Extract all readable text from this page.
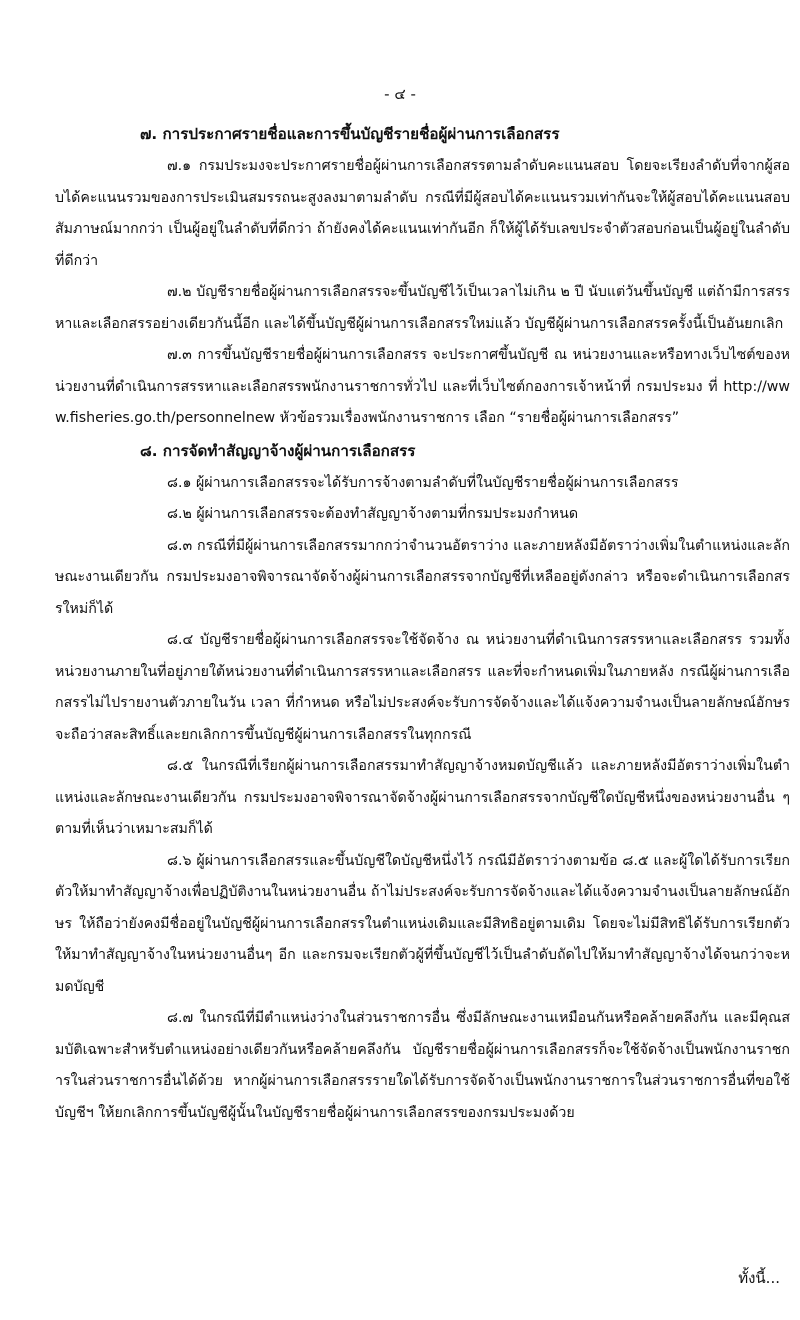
- ๔ -

๗. การประกาศรายชื่อและการขึ้นบัญชีรายชื่อผู้ผ่านการเลือกสรร

๗.๑ กรมประมงจะประกาศรายชื่อผู้ผ่านการเลือกสรรตามลำดับคะแนนสอบ โดยจะเรียงลำดับที่จากผู้สอบได้คะแนนรวมของการประเมินสมรรถนะสูงลงมาตามลำดับ กรณีที่มีผู้สอบได้คะแนนรวมเท่ากันจะให้ผู้สอบได้คะแนนสอบสัมภาษณ์มากกว่า เป็นผู้อยู่ในลำดับที่ดีกว่า ถ้ายังคงได้คะแนนเท่ากันอีก ก็ให้ผู้ได้รับเลขประจำตัวสอบก่อนเป็นผู้อยู่ในลำดับที่ดีกว่า

๗.๒ บัญชีรายชื่อผู้ผ่านการเลือกสรรจะขึ้นบัญชีไว้เป็นเวลาไม่เกิน ๒ ปี นับแต่วันขึ้นบัญชี แต่ถ้ามีการสรรหาและเลือกสรรอย่างเดียวกันนี้อีก และได้ขึ้นบัญชีผู้ผ่านการเลือกสรรใหม่แล้ว บัญชีผู้ผ่านการเลือกสรรครั้งนี้เป็นอันยกเลิก

๗.๓ การขึ้นบัญชีรายชื่อผู้ผ่านการเลือกสรร จะประกาศขึ้นบัญชี ณ หน่วยงานและหรือทางเว็บไซต์ของหน่วยงานที่ดำเนินการสรรหาและเลือกสรรพนักงานราชการทั่วไป และที่เว็บไซต์กองการเจ้าหน้าที่ กรมประมง ที่ http://www.fisheries.go.th/personnelnew หัวข้อรวมเรื่องพนักงานราชการ เลือก “รายชื่อผู้ผ่านการเลือกสรร”

๘. การจัดทำสัญญาจ้างผู้ผ่านการเลือกสรร

๘.๑ ผู้ผ่านการเลือกสรรจะได้รับการจ้างตามลำดับที่ในบัญชีรายชื่อผู้ผ่านการเลือกสรร

๘.๒ ผู้ผ่านการเลือกสรรจะต้องทำสัญญาจ้างตามที่กรมประมงกำหนด

๘.๓ กรณีที่มีผู้ผ่านการเลือกสรรมากกว่าจำนวนอัตราว่าง และภายหลังมีอัตราว่างเพิ่มในตำแหน่งและลักษณะงานเดียวกัน กรมประมงอาจพิจารณาจัดจ้างผู้ผ่านการเลือกสรรจากบัญชีที่เหลืออยู่ดังกล่าว หรือจะดำเนินการเลือกสรรใหม่ก็ได้

๘.๔ บัญชีรายชื่อผู้ผ่านการเลือกสรรจะใช้จัดจ้าง ณ หน่วยงานที่ดำเนินการสรรหาและเลือกสรร รวมทั้งหน่วยงานภายในที่อยู่ภายใต้หน่วยงานที่ดำเนินการสรรหาและเลือกสรร และที่จะกำหนดเพิ่มในภายหลัง กรณีผู้ผ่านการเลือกสรรไม่ไปรายงานตัวภายในวัน เวลา ที่กำหนด หรือไม่ประสงค์จะรับการจัดจ้างและได้แจ้งความจำนงเป็นลายลักษณ์อักษร จะถือว่าสละสิทธิ์และยกเลิกการขึ้นบัญชีผู้ผ่านการเลือกสรรในทุกกรณี

๘.๕ ในกรณีที่เรียกผู้ผ่านการเลือกสรรมาทำสัญญาจ้างหมดบัญชีแล้ว และภายหลังมีอัตราว่างเพิ่มในตำแหน่งและลักษณะงานเดียวกัน กรมประมงอาจพิจารณาจัดจ้างผู้ผ่านการเลือกสรรจากบัญชีใดบัญชีหนึ่งของหน่วยงานอื่น ๆ ตามที่เห็นว่าเหมาะสมก็ได้

๘.๖ ผู้ผ่านการเลือกสรรและขึ้นบัญชีใดบัญชีหนึ่งไว้ กรณีมีอัตราว่างตามข้อ ๘.๕ และผู้ใดได้รับการเรียกตัวให้มาทำสัญญาจ้างเพื่อปฏิบัติงานในหน่วยงานอื่น ถ้าไม่ประสงค์จะรับการจัดจ้างและได้แจ้งความจำนงเป็นลายลักษณ์อักษร ให้ถือว่ายังคงมีชื่ออยู่ในบัญชีผู้ผ่านการเลือกสรรในตำแหน่งเดิมและมีสิทธิอยู่ตามเดิม โดยจะไม่มีสิทธิได้รับการเรียกตัวให้มาทำสัญญาจ้างในหน่วยงานอื่นๆ อีก และกรมจะเรียกตัวผู้ที่ขึ้นบัญชีไว้เป็นลำดับถัดไปให้มาทำสัญญาจ้างได้จนกว่าจะหมดบัญชี

๘.๗ ในกรณีที่มีตำแหน่งว่างในส่วนราชการอื่น ซึ่งมีลักษณะงานเหมือนกันหรือคล้ายคลึงกัน และมีคุณสมบัติเฉพาะสำหรับตำแหน่งอย่างเดียวกันหรือคล้ายคลึงกัน บัญชีรายชื่อผู้ผ่านการเลือกสรรก็จะใช้จัดจ้างเป็นพนักงานราชการในส่วนราชการอื่นได้ด้วย หากผู้ผ่านการเลือกสรรรายใดได้รับการจัดจ้างเป็นพนักงานราชการในส่วนราชการอื่นที่ขอใช้บัญชีฯ ให้ยกเลิกการขึ้นบัญชีผู้นั้นในบัญชีรายชื่อผู้ผ่านการเลือกสรรของกรมประมงด้วย

ทั้งนี้...
